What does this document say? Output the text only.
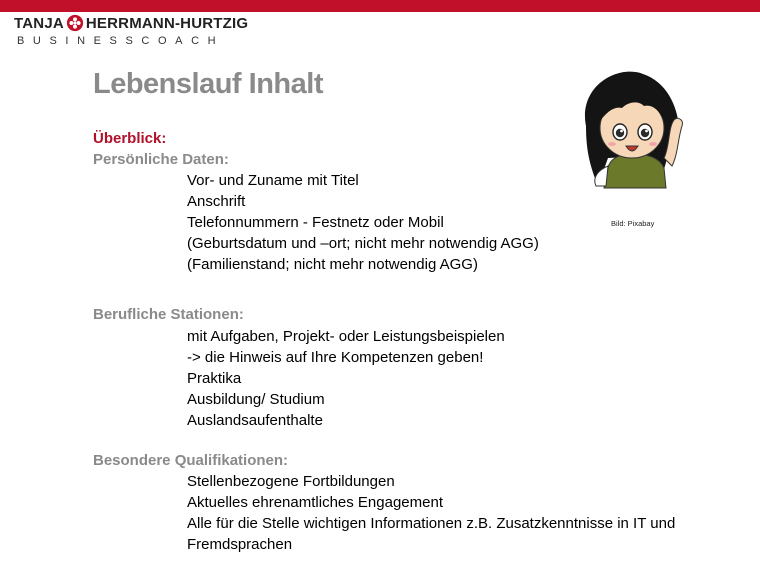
TANJA HERRMANN-HURTZIG
BUSINESSCOACH
Lebenslauf Inhalt
Überblick:
Persönliche Daten:
Vor- und Zuname mit Titel
Anschrift
Telefonnummern - Festnetz oder Mobil
(Geburtsdatum und –ort; nicht mehr notwendig AGG)
(Familienstand; nicht mehr notwendig AGG)
Berufliche Stationen:
mit Aufgaben, Projekt- oder Leistungsbeispielen
-> die Hinweis auf Ihre Kompetenzen geben!
Praktika
Ausbildung/ Studium
Auslandsaufenthalte
Besondere Qualifikationen:
Stellenbezogene Fortbildungen
Aktuelles ehrenamtliches Engagement
Alle für die Stelle wichtigen Informationen z.B. Zusatzkenntnisse in IT und Fremdsprachen
Bild: Pixabay
